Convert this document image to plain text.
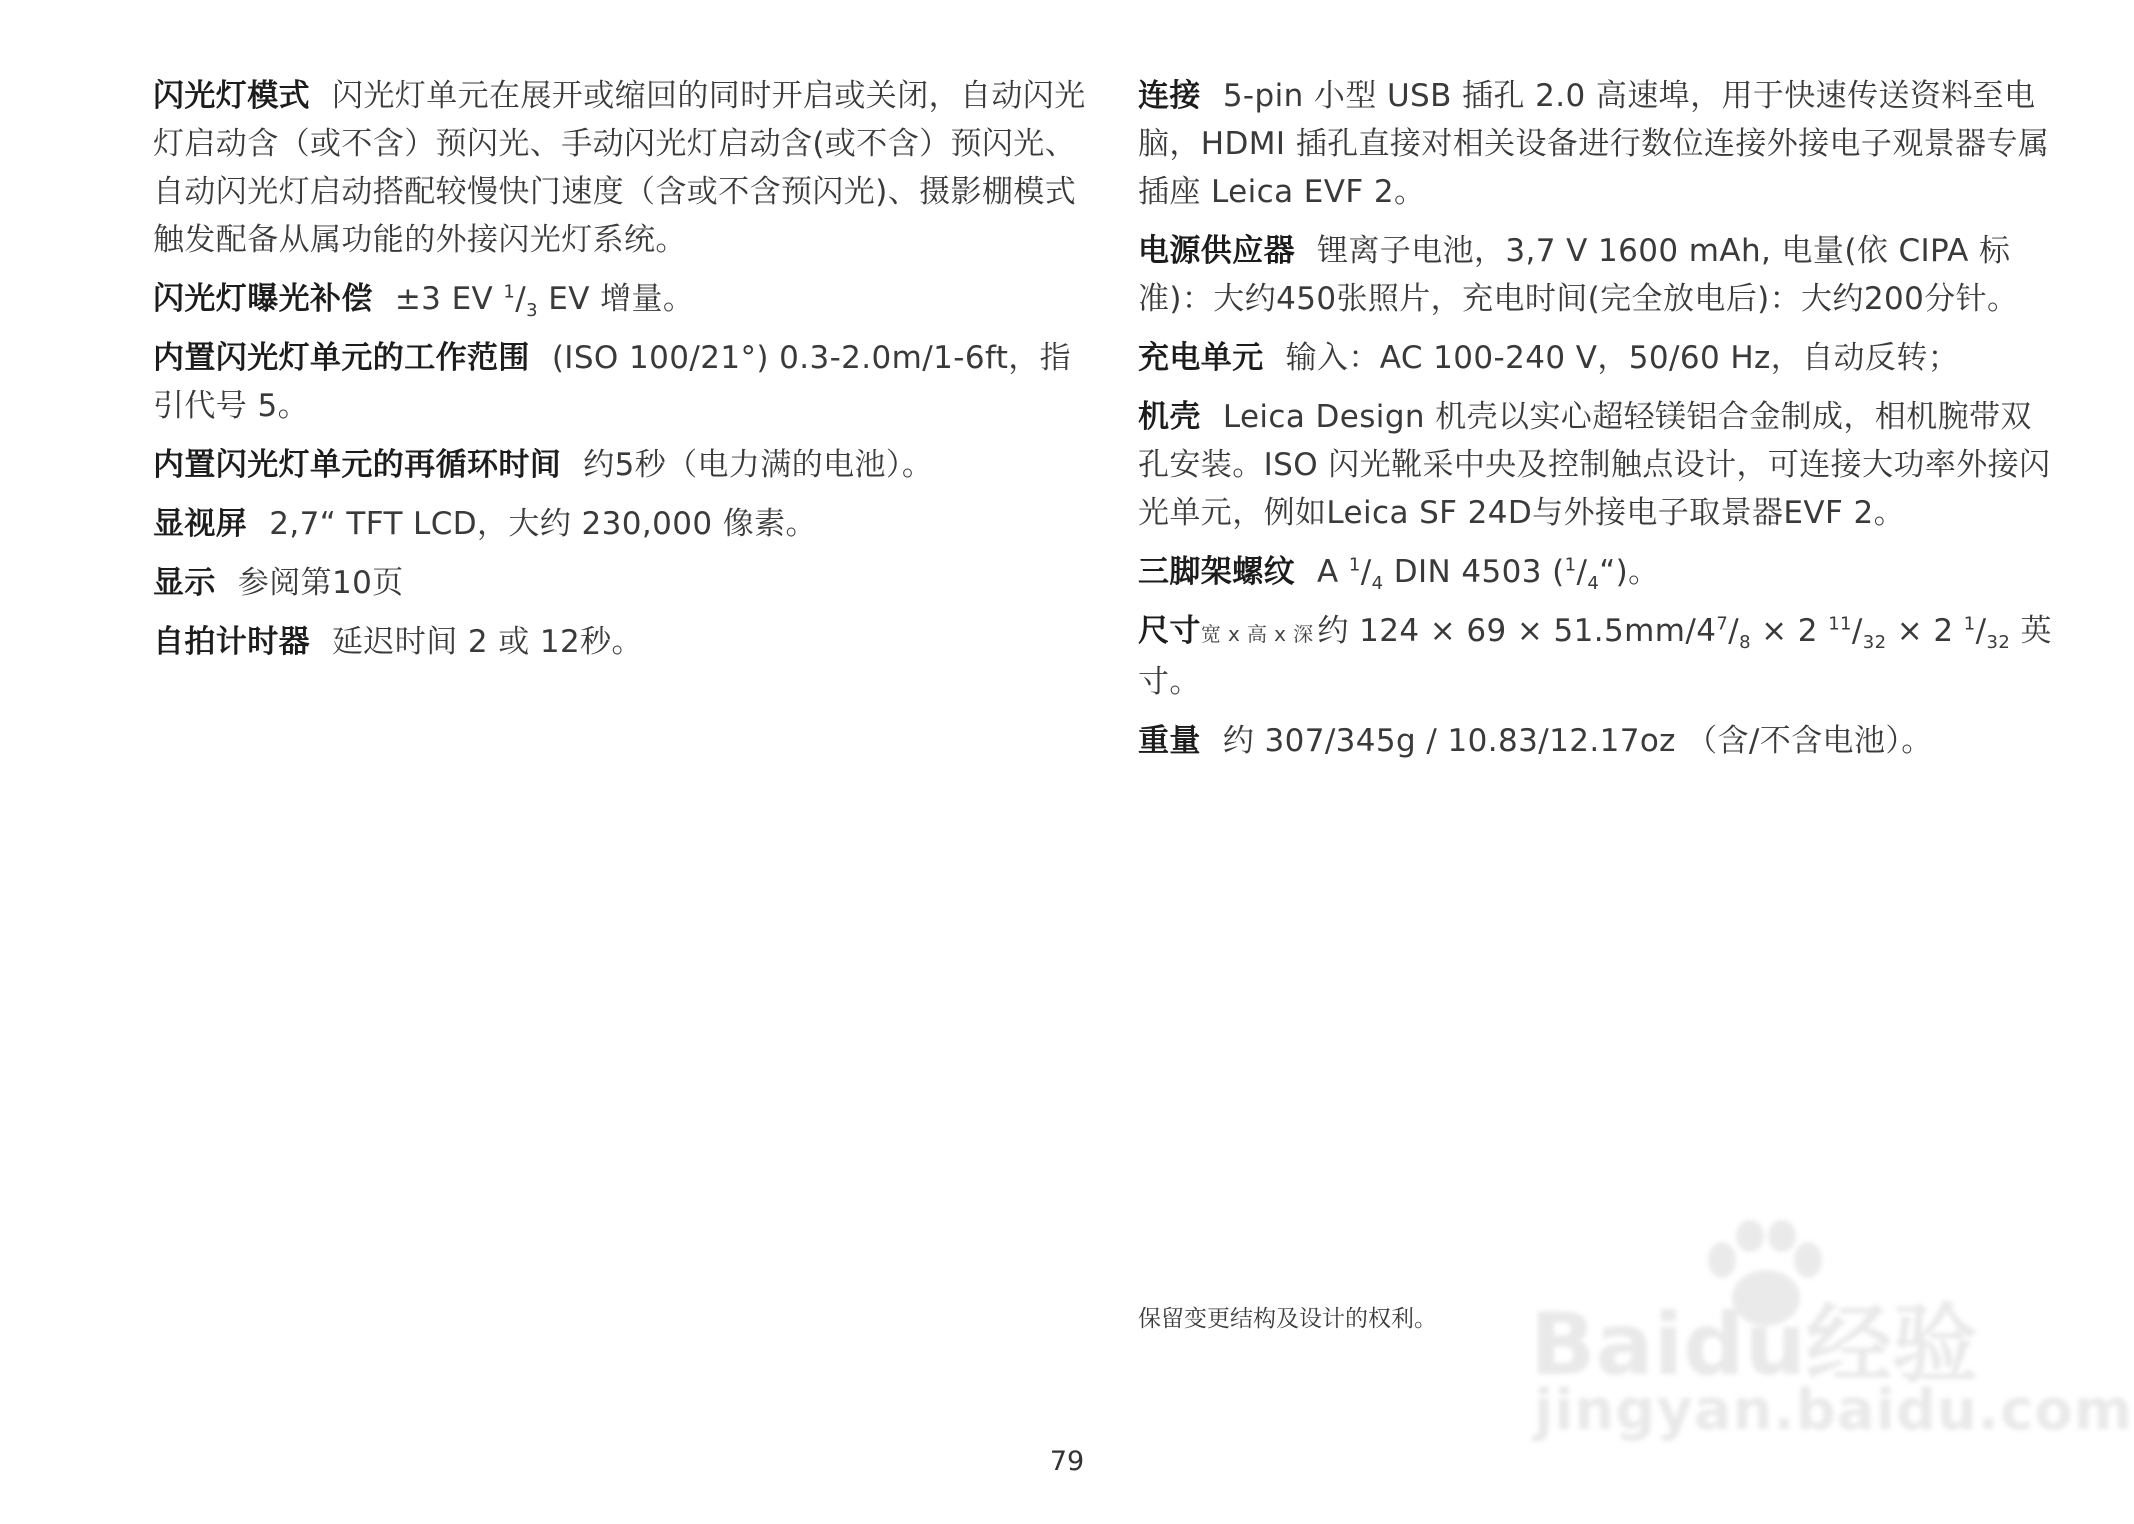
闪光灯模式 闪光灯单元在展开或缩回的同时开启或关闭，自动闪光灯启动含（或不含）预闪光、手动闪光灯启动含(或不含）预闪光、自动闪光灯启动搭配较慢快门速度（含或不含预闪光)、摄影棚模式触发配备从属功能的外接闪光灯系统。

闪光灯曝光补偿 ±3 EV $^1/_3$ EV 增量。

内置闪光灯单元的工作范围 (ISO 100/21°) 0.3-2.0m/1-6ft，指引代号 5。

内置闪光灯单元的再循环时间 约5秒（电力满的电池）。

显视屏 2,7“ TFT LCD，大约 230,000 像素。

显示 参阅第10页

自拍计时器 延迟时间 2 或 12秒。

连接 5-pin 小型 USB 插孔 2.0 高速埠，用于快速传送资料至电脑，HDMI 插孔直接对相关设备进行数位连接外接电子观景器专属插座 Leica EVF 2。

电源供应器 锂离子电池，3,7 V 1600 mAh, 电量(依 CIPA 标准)：大约450张照片，充电时间(完全放电后)：大约200分针。

充电单元 输入：AC 100-240 V，50/60 Hz，自动反转；

机壳 Leica Design 机壳以实心超轻镁铝合金制成，相机腕带双孔安装。ISO 闪光靴采中央及控制触点设计，可连接大功率外接闪光单元，例如Leica SF 24D与外接电子取景器EVF 2。

三脚架螺纹 A $^1/_4$ DIN 4503 $(^1/_4“)$。

尺寸宽 x 高 x 深 约 $124 \times 69 \times 51.5mm/4^7/_8 \times 2$ $^{11}/_{32} \times 2$ $^1/_{32}$ 英寸。

重量 约 307/345g / 10.83/12.17oz （含/不含电池）。

保留变更结构及设计的权利。 Baidu经验
jingyan.baidu.com
79
